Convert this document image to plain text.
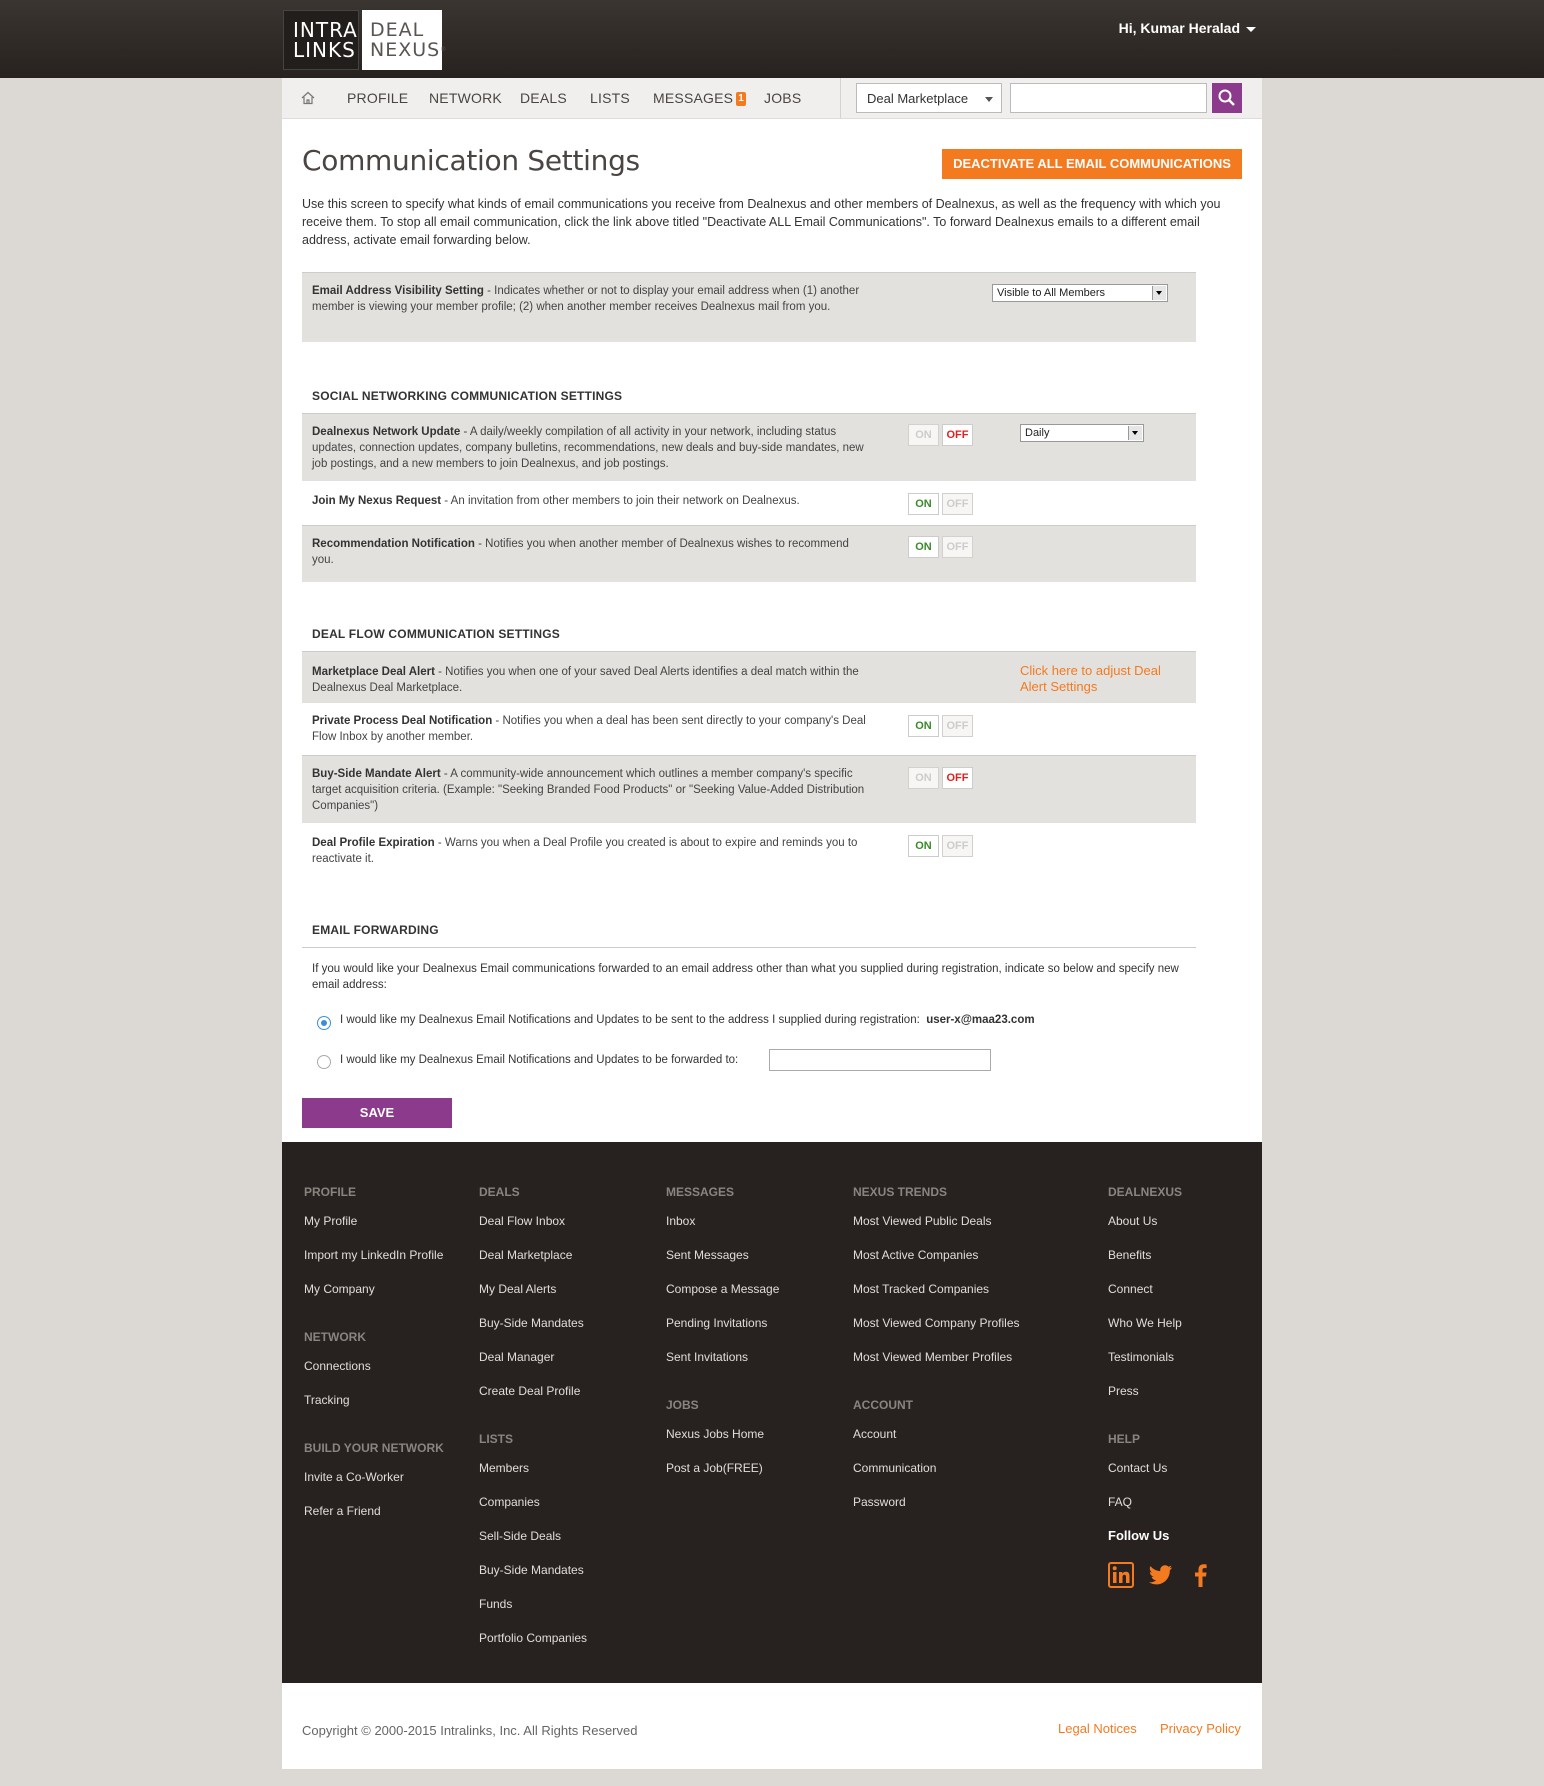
INTRA
LINKS
DEAL
NEXUS®
Hi, Kumar Heralad
PROFILE NETWORK DEALS LISTS MESSAGES 1 JOBS	Deal Marketplace
Communication Settings	DEACTIVATE ALL EMAIL COMMUNICATIONS
Use this screen to specify what kinds of email communications you receive from Dealnexus and other members of Dealnexus, as well as the frequency with which you receive them. To stop all email communication, click the link above titled "Deactivate ALL Email Communications". To forward Dealnexus emails to a different email address, activate email forwarding below.
Email Address Visibility Setting - Indicates whether or not to display your email address when (1) another member is viewing your member profile; (2) when another member receives Dealnexus mail from you.
Visible to All Members
SOCIAL NETWORKING COMMUNICATION SETTINGS
Dealnexus Network Update - A daily/weekly compilation of all activity in your network, including status updates, connection updates, company bulletins, recommendations, new deals and buy-side mandates, new job postings, and a new members to join Dealnexus, and job postings.
ON	OFF	Daily
Join My Nexus Request - An invitation from other members to join their network on Dealnexus.	ON	OFF
Recommendation Notification - Notifies you when another member of Dealnexus wishes to recommend you.
ON	OFF
DEAL FLOW COMMUNICATION SETTINGS
Marketplace Deal Alert - Notifies you when one of your saved Deal Alerts identifies a deal match within the Dealnexus Deal Marketplace.
Click here to adjust Deal Alert Settings
Private Process Deal Notification - Notifies you when a deal has been sent directly to your company's Deal Flow Inbox by another member.
ON	OFF
Buy-Side Mandate Alert - A community-wide announcement which outlines a member company's specific target acquisition criteria. (Example: "Seeking Branded Food Products" or "Seeking Value-Added Distribution Companies")
ON	OFF
Deal Profile Expiration - Warns you when a Deal Profile you created is about to expire and reminds you to reactivate it.
ON	OFF
EMAIL FORWARDING
If you would like your Dealnexus Email communications forwarded to an email address other than what you supplied during registration, indicate so below and specify new email address:
I would like my Dealnexus Email Notifications and Updates to be sent to the address I supplied during registration: user-x@maa23.com
I would like my Dealnexus Email Notifications and Updates to be forwarded to:
SAVE
PROFILE
My Profile
Import my LinkedIn Profile
My Company
NETWORK
Connections
Tracking
BUILD YOUR NETWORK
Invite a Co-Worker
Refer a Friend
DEALS
Deal Flow Inbox
Deal Marketplace
My Deal Alerts
Buy-Side Mandates
Deal Manager
Create Deal Profile
LISTS
Members
Companies
Sell-Side Deals
Buy-Side Mandates
Funds
Portfolio Companies
MESSAGES
Inbox
Sent Messages
Compose a Message
Pending Invitations
Sent Invitations
JOBS
Nexus Jobs Home
Post a Job(FREE)
NEXUS TRENDS
Most Viewed Public Deals
Most Active Companies
Most Tracked Companies
Most Viewed Company Profiles
Most Viewed Member Profiles
ACCOUNT
Account
Communication
Password
DEALNEXUS
About Us
Benefits
Connect
Who We Help
Testimonials
Press
HELP
Contact Us
FAQ
Follow Us
Copyright © 2000-2015 Intralinks, Inc. All Rights Reserved	Legal Notices Privacy Policy
